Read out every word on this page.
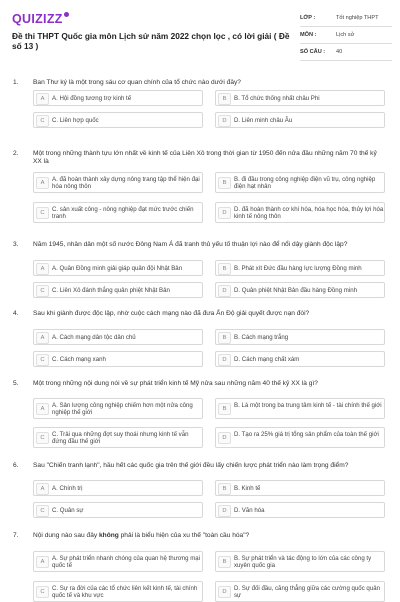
QUIZIZZ
Đề thi THPT Quốc gia môn Lịch sử năm 2022 chọn lọc , có lời giải ( Đề số 13 )
LỚP :	Tốt nghiệp THPT
MÔN :	Lịch sử
SỐ CÂU :	40
1. Ban Thư ký là một trong sáu cơ quan chính của tổ chức nào dưới đây?
A	A. Hội đồng tương trợ kinh tế	B	B. Tổ chức thống nhất châu Phi
C	C. Liên hợp quốc	D	D. Liên minh châu Âu
2. Một trong những thành tựu lớn nhất về kinh tế của Liên Xô trong thời gian từ 1950 đến nửa đầu những năm 70 thế kỷ XX là
A
A. đã hoàn thành xây dựng nông trang tập thể hiện đại hóa nông thôn	B
B. đi đầu trong công nghiệp điện vũ trụ, công nghiệp điện hạt nhân
C
C. sản xuất công - nông nghiệp đạt mức trước chiến tranh	D
D. đã hoàn thành cơ khí hóa, hóa học hóa, thủy lợi hóa kinh tế nông thôn
3. Năm 1945, nhân dân một số nước Đông Nam Á đã tranh thủ yếu tố thuận lợi nào để nổi dậy giành độc lập?
A	A. Quân Đồng minh giải giáp quân đội Nhật Bản	B	B. Phát xít Đức đầu hàng lực lượng Đồng minh
C	C. Liên Xô đánh thắng quân phiệt Nhật Bản	D	D. Quân phiệt Nhật Bản đầu hàng Đồng minh
4. Sau khi giành được độc lập, nhờ cuộc cách mạng nào đã đưa Ấn Độ giải quyết được nạn đói?
A	A. Cách mạng dân tộc dân chủ	B	B. Cách mạng trắng
C	C. Cách mạng xanh	D	D. Cách mạng chất xám
5. Một trong những nội dung nói về sự phát triển kinh tế Mỹ nửa sau những năm 40 thế kỷ XX là gì?
A
A. Sản lượng công nghiệp chiếm hơn một nửa công nghiệp thế giới	B
B. Là một trong ba trung tâm kinh tế - tài chính thế giới
C
C. Trải qua những đợt suy thoái nhưng kinh tế vẫn đứng đầu thế giới	D
D. Tạo ra 25% giá trị tổng sản phẩm của toàn thế giới
6. Sau "Chiến tranh lạnh", hầu hết các quốc gia trên thế giới đều lấy chiến lược phát triển nào làm trọng điểm?
A	A. Chính trị	B	B. Kinh tế
C	C. Quân sự	D	D. Văn hóa
7. Nội dung nào sau đây không phải là biểu hiện của xu thế "toàn cầu hóa"?
A
A. Sự phát triển nhanh chóng của quan hệ thương mại quốc tế	B
B. Sự phát triển và tác động to lớn của các công ty xuyên quốc gia
C
C. Sự ra đời của các tổ chức liên kết kinh tế, tài chính quốc tế và khu vực	D
D. Sự đối đầu, căng thẳng giữa các cường quốc quân sự
